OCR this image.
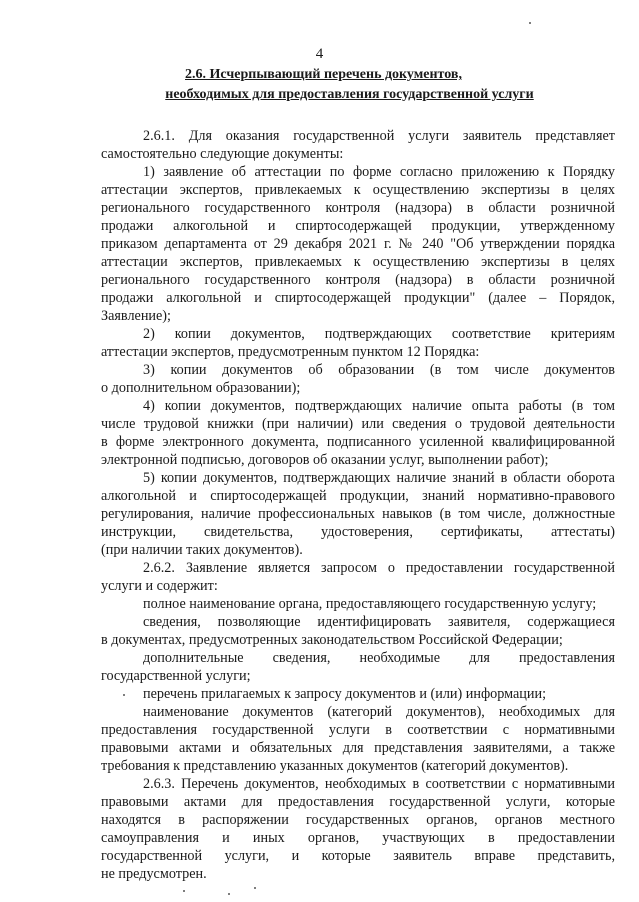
4
2.6. Исчерпывающий перечень документов,
необходимых для предоставления государственной услуги
2.6.1. Для оказания государственной услуги заявитель представляет
самостоятельно следующие документы:
1) заявление об аттестации по форме согласно приложению к Порядку
аттестации экспертов, привлекаемых к осуществлению экспертизы в целях
регионального государственного контроля (надзора) в области розничной
продажи алкогольной и спиртосодержащей продукции, утвержденному
приказом департамента от 29 декабря 2021 г. № 240 "Об утверждении порядка
аттестации экспертов, привлекаемых к осуществлению экспертизы в целях
регионального государственного контроля (надзора) в области розничной
продажи алкогольной и спиртосодержащей продукции" (далее – Порядок,
Заявление);
2) копии документов, подтверждающих соответствие критериям
аттестации экспертов, предусмотренным пунктом 12 Порядка:
3) копии документов об образовании (в том числе документов
о дополнительном образовании);
4) копии документов, подтверждающих наличие опыта работы (в том
числе трудовой книжки (при наличии) или сведения о трудовой деятельности
в форме электронного документа, подписанного усиленной квалифицированной
электронной подписью, договоров об оказании услуг, выполнении работ);
5) копии документов, подтверждающих наличие знаний в области оборота
алкогольной и спиртосодержащей продукции, знаний нормативно-правового
регулирования, наличие профессиональных навыков (в том числе, должностные
инструкции, свидетельства, удостоверения, сертификаты, аттестаты)
(при наличии таких документов).
2.6.2. Заявление является запросом о предоставлении государственной
услуги и содержит:
полное наименование органа, предоставляющего государственную услугу;
сведения, позволяющие идентифицировать заявителя, содержащиеся
в документах, предусмотренных законодательством Российской Федерации;
дополнительные сведения, необходимые для предоставления
государственной услуги;
перечень прилагаемых к запросу документов и (или) информации;
наименование документов (категорий документов), необходимых для
предоставления государственной услуги в соответствии с нормативными
правовыми актами и обязательных для представления заявителями, а также
требования к представлению указанных документов (категорий документов).
2.6.3. Перечень документов, необходимых в соответствии с нормативными
правовыми актами для предоставления государственной услуги, которые
находятся в распоряжении государственных органов, органов местного
самоуправления и иных органов, участвующих в предоставлении
государственной услуги, и которые заявитель вправе представить,
не предусмотрен.
